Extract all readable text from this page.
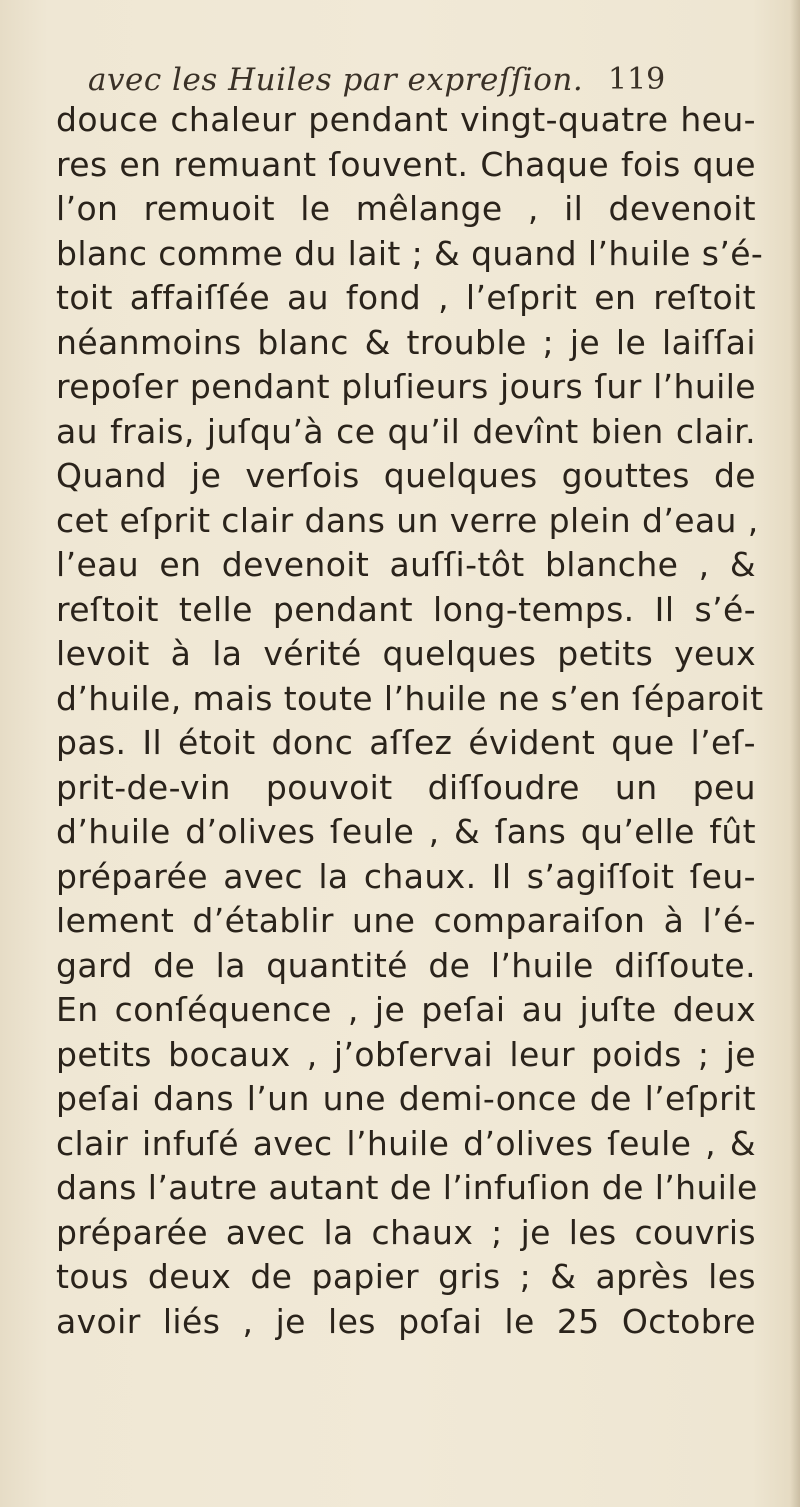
avec les Huiles par expreſſion. 119
douce chaleur pendant vingt-quatre heu-
res en remuant ſouvent. Chaque fois que
l’on remuoit le mêlange , il devenoit
blanc comme du lait ; & quand l’huile s’é-
toit affaiſſée au fond , l’eſprit en reſtoit
néanmoins blanc & trouble ; je le laiſſai
repoſer pendant pluſieurs jours ſur l’huile
au frais, juſqu’à ce qu’il devînt bien clair.
Quand je verſois quelques gouttes de
cet eſprit clair dans un verre plein d’eau ,
l’eau en devenoit auſſi-tôt blanche , &
reſtoit telle pendant long-temps. Il s’é-
levoit à la vérité quelques petits yeux
d’huile, mais toute l’huile ne s’en ſéparoit
pas. Il étoit donc aſſez évident que l’eſ-
prit-de-vin pouvoit diſſoudre un peu
d’huile d’olives ſeule , & ſans qu’elle fût
préparée avec la chaux. Il s’agiſſoit ſeu-
lement d’établir une comparaiſon à l’é-
gard de la quantité de l’huile diſſoute.
En conſéquence , je peſai au juſte deux
petits bocaux , j’obſervai leur poids ; je
peſai dans l’un une demi-once de l’eſprit
clair infuſé avec l’huile d’olives ſeule , &
dans l’autre autant de l’infuſion de l’huile
préparée avec la chaux ; je les couvris
tous deux de papier gris ; & après les
avoir liés , je les poſai le 25 Octobre
